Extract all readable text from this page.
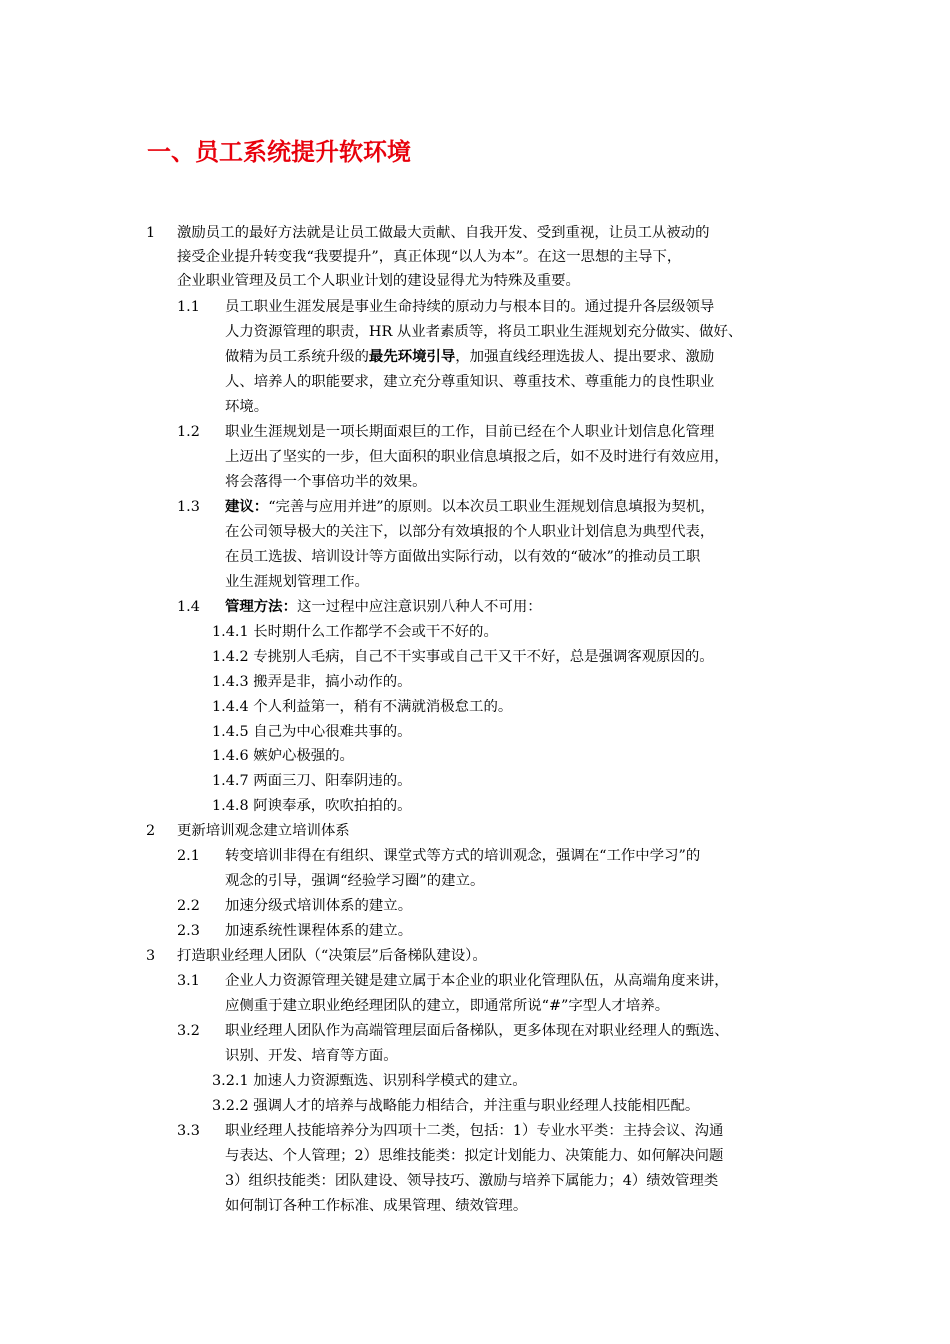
一、员工系统提升软环境
1 激励员工的最好方法就是让员工做最大贡献、自我开发、受到重视，让员工从被动的
接受企业提升转变我“我要提升”，真正体现“以人为本”。在这一思想的主导下，
企业职业管理及员工个人职业计划的建设显得尤为特殊及重要。
1.1 员工职业生涯发展是事业生命持续的原动力与根本目的。通过提升各层级领导
人力资源管理的职责，HR 从业者素质等，将员工职业生涯规划充分做实、做好、
做精为员工系统升级的最先环境引导，加强直线经理选拔人、提出要求、激励
人、培养人的职能要求，建立充分尊重知识、尊重技术、尊重能力的良性职业
环境。
1.2 职业生涯规划是一项长期面艰巨的工作，目前已经在个人职业计划信息化管理
上迈出了坚实的一步，但大面积的职业信息填报之后，如不及时进行有效应用，
将会落得一个事倍功半的效果。
1.3 建议：“完善与应用并进”的原则。以本次员工职业生涯规划信息填报为契机，
在公司领导极大的关注下，以部分有效填报的个人职业计划信息为典型代表，
在员工选拔、培训设计等方面做出实际行动，以有效的“破冰”的推动员工职
业生涯规划管理工作。
1.4 管理方法：这一过程中应注意识别八种人不可用：
1.4.1 长时期什么工作都学不会或干不好的。
1.4.2 专挑别人毛病，自己不干实事或自己干又干不好，总是强调客观原因的。
1.4.3 搬弄是非，搞小动作的。
1.4.4 个人利益第一，稍有不满就消极怠工的。
1.4.5 自己为中心很难共事的。
1.4.6 嫉妒心极强的。
1.4.7 两面三刀、阳奉阴违的。
1.4.8 阿谀奉承，吹吹拍拍的。
2 更新培训观念建立培训体系
2.1 转变培训非得在有组织、课堂式等方式的培训观念，强调在“工作中学习”的
观念的引导，强调“经验学习圈”的建立。
2.2 加速分级式培训体系的建立。
2.3 加速系统性课程体系的建立。
3 打造职业经理人团队（“决策层”后备梯队建设）。
3.1 企业人力资源管理关键是建立属于本企业的职业化管理队伍，从高端角度来讲，
应侧重于建立职业绝经理团队的建立，即通常所说“#”字型人才培养。
3.2 职业经理人团队作为高端管理层面后备梯队，更多体现在对职业经理人的甄选、
识别、开发、培育等方面。
3.2.1 加速人力资源甄选、识别科学模式的建立。
3.2.2 强调人才的培养与战略能力相结合，并注重与职业经理人技能相匹配。
3.3 职业经理人技能培养分为四项十二类，包括：1）专业水平类：主持会议、沟通
与表达、个人管理；2）思维技能类：拟定计划能力、决策能力、如何解决问题
3）组织技能类：团队建设、领导技巧、激励与培养下属能力；4）绩效管理类
如何制订各种工作标准、成果管理、绩效管理。
